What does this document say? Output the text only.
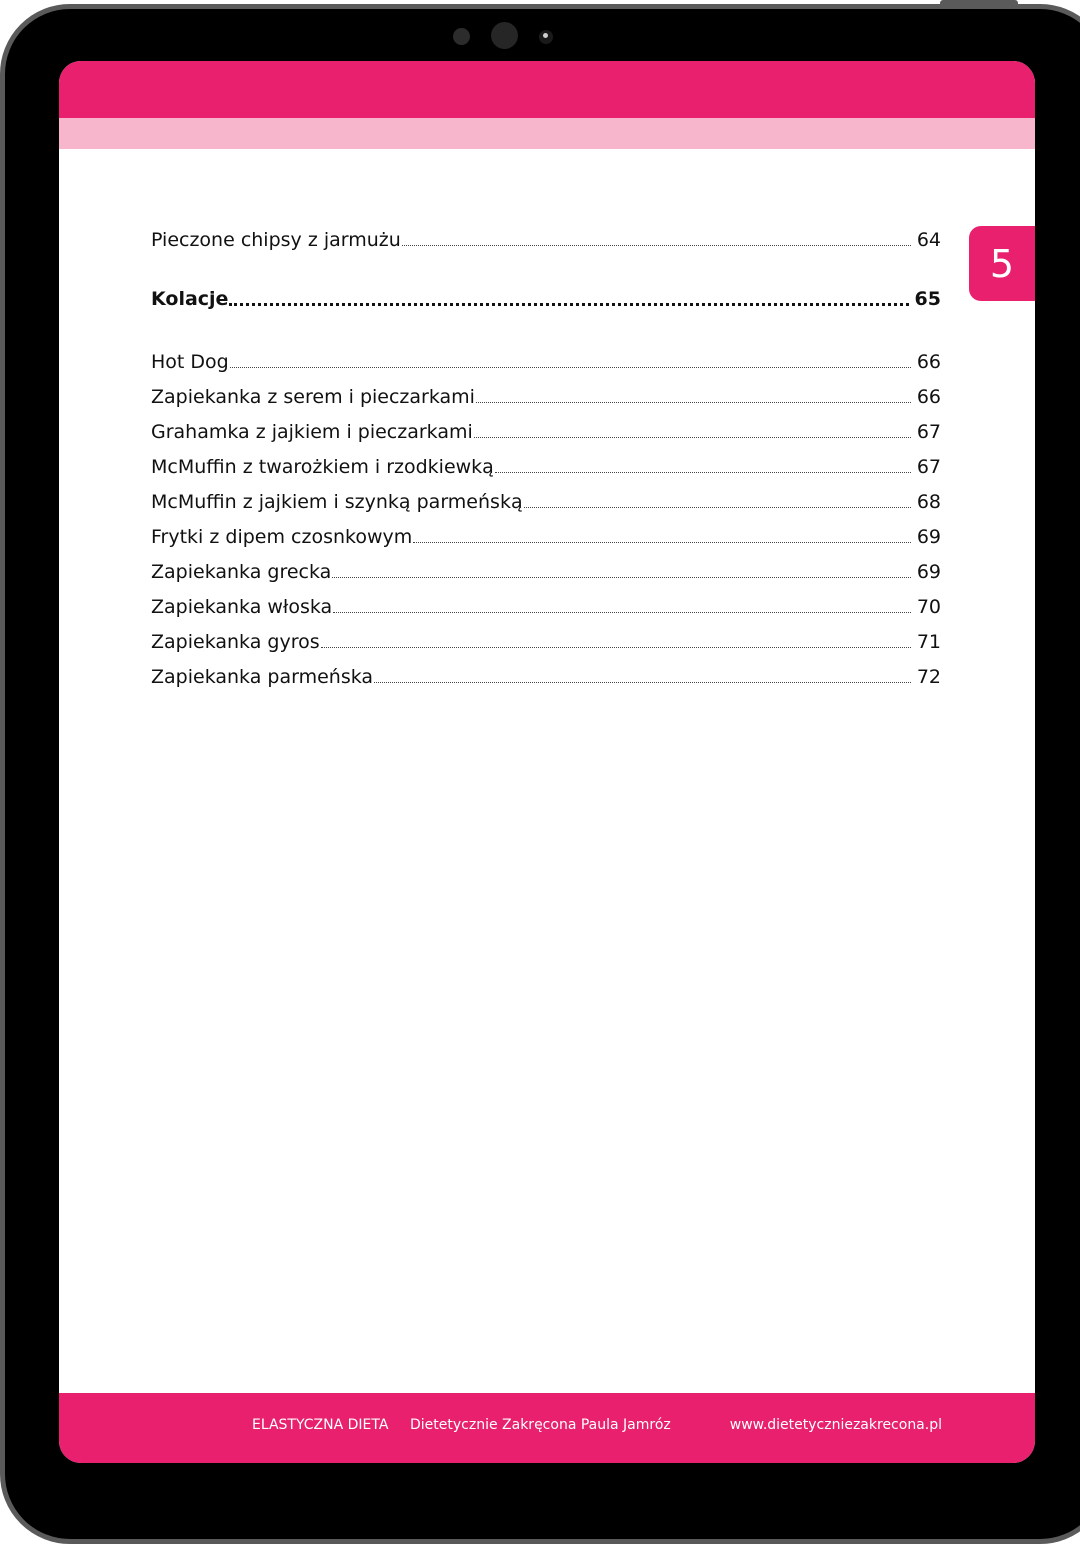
5
Pieczone chipsy z jarmużu	64
Kolacje	65
Hot Dog	66
Zapiekanka z serem i pieczarkami	66
Grahamka z jajkiem i pieczarkami	67
McMuffin z twarożkiem i rzodkiewką	67
McMuffin z jajkiem i szynką parmeńską	68
Frytki z dipem czosnkowym	69
Zapiekanka grecka	69
Zapiekanka włoska	70
Zapiekanka gyros	71
Zapiekanka parmeńska	72
ELASTYCZNA DIETA Dietetycznie Zakręcona Paula Jamróz	www.dietetyczniezakrecona.pl
